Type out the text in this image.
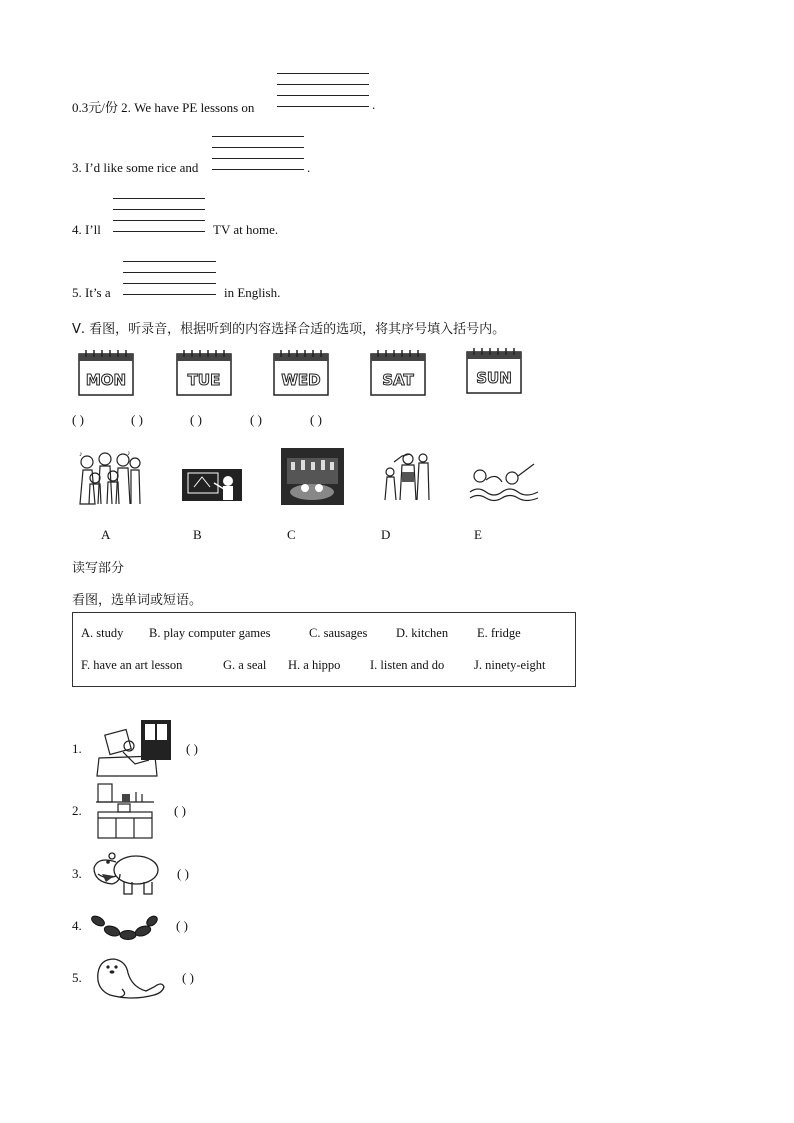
0.3元/份 2. We have PE lessons on	.
3. I’d like some rice and	.
4. I’ll	TV at home.
5. It’s a	in English.
Ⅴ. 看图，听录音，根据听到的内容选择合适的选项，将其序号填入括号内。
MON	TUE	WED	SAT	SUN
( )	( )	( )	( )	( )
♪	♪
A	B	C	D	E
读写部分
看图，选单词或短语。
A. study B. play computer games	C. sausages D. kitchen E. fridge
F. have an art lesson	G. a seal H. a hippo I. listen and do J. ninety-eight
1.	( )
2.	( )
3.	( )
4.	( )
5.	( )
